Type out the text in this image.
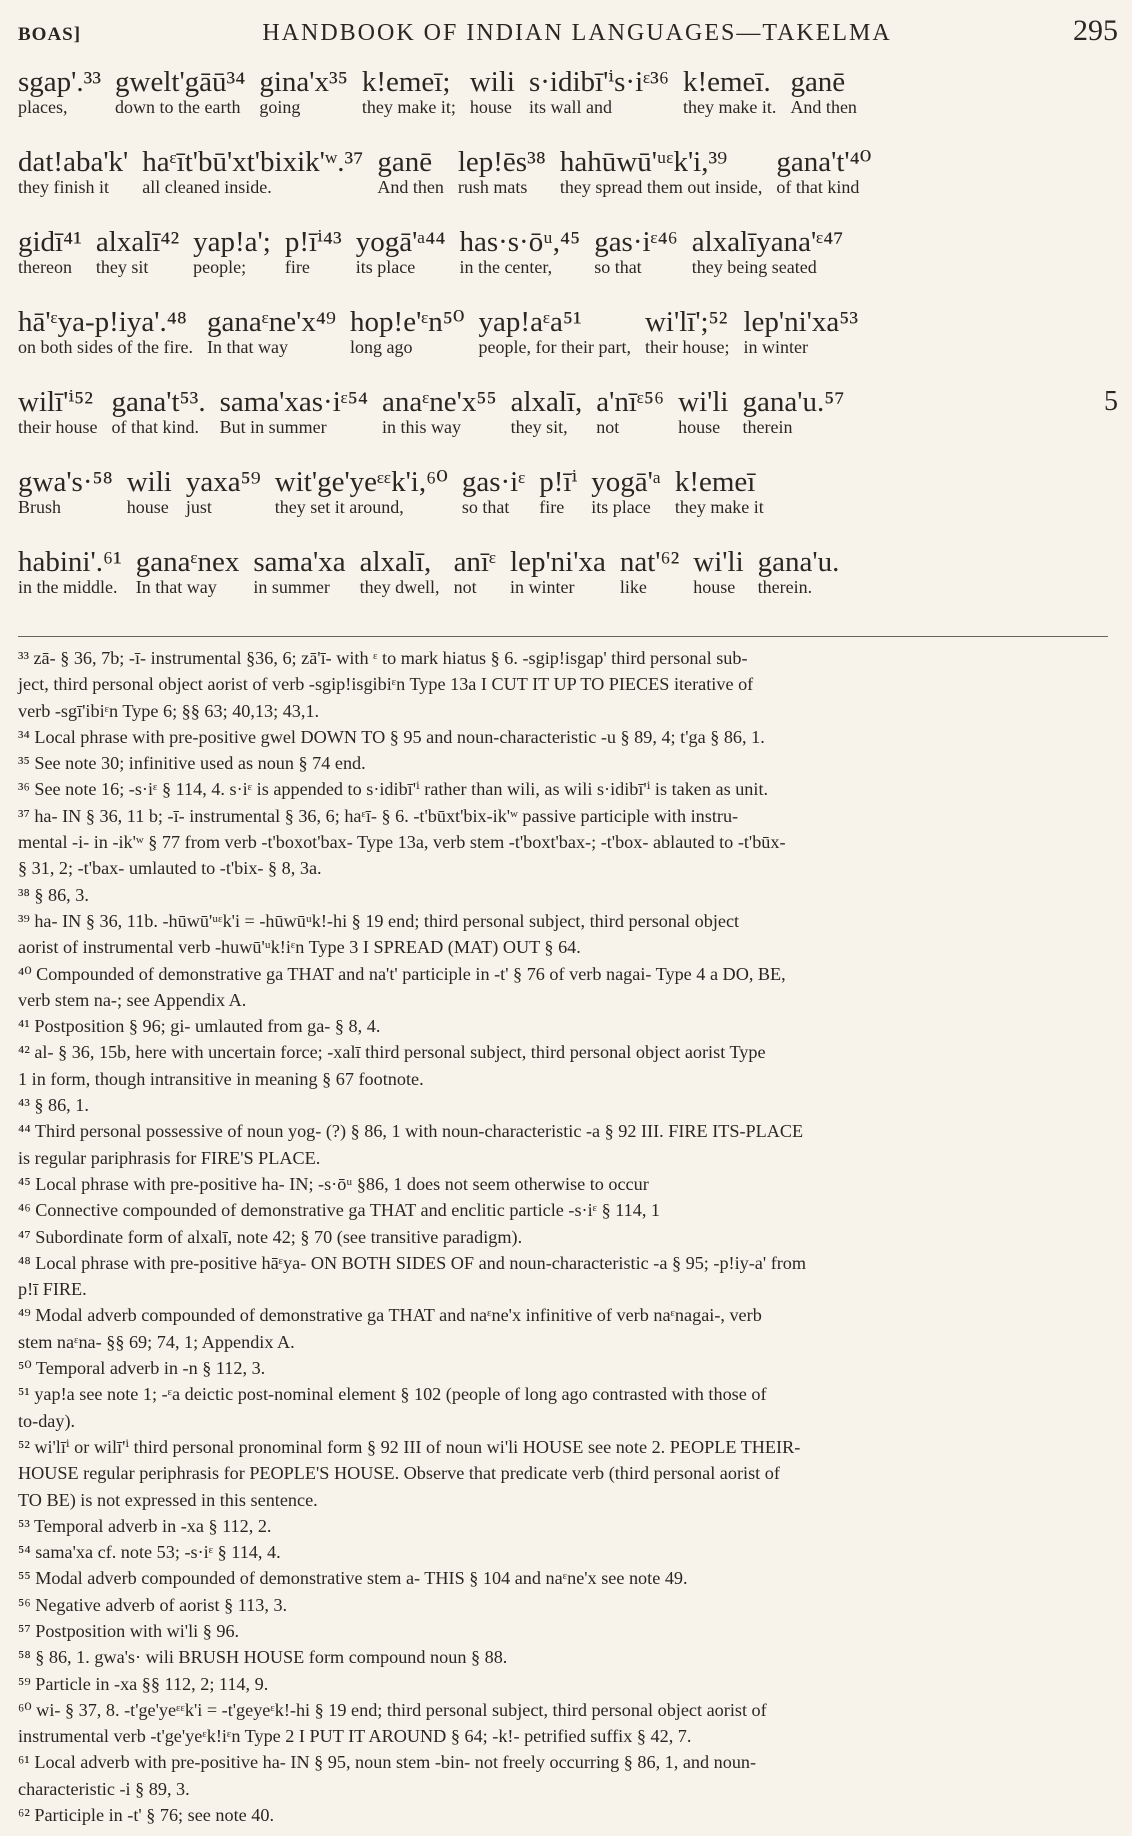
BOAS]	HANDBOOK OF INDIAN LANGUAGES—TAKELMA	295
sgap'.³³
places,
gwelt'gāū³⁴
down to the earth
gina'x³⁵
going
k!emeī;
they make it;
wili
house
s·idibī'ⁱs·iᵋ³⁶
its wall and
k!emeī.
they make it.
ganē
And then
dat!aba'k'
they finish it
haᵋīt'bū'xt'bixik'ʷ.³⁷
all cleaned inside.
ganē
And then
lep!ēs³⁸
rush mats
hahūwū'ᵘᵋk'i,³⁹
they spread them out inside,
gana't'⁴⁰
of that kind
gidī⁴¹
thereon
alxalī⁴²
they sit
yap!a';
people;
p!īⁱ⁴³
fire
yogā'ᵃ⁴⁴
its place
has·s·ōᵘ,⁴⁵
in the center,
gas·iᵋ⁴⁶
so that
alxalīyana'ᵋ⁴⁷
they being seated
hā'ᵋya-p!iya'.⁴⁸
on both sides of the fire.
ganaᵋne'x⁴⁹
In that way
hop!e'ᵋn⁵⁰
long ago
yap!aᵋa⁵¹
people, for their part,
wi'lī';⁵²
their house;
lep'ni'xa⁵³
in winter
wilī'ⁱ⁵²
their house
gana't⁵³.
of that kind.
sama'xas·iᵋ⁵⁴
But in summer
anaᵋne'x⁵⁵
in this way
alxalī,
they sit,
a'nīᵋ⁵⁶
not
wi'li
house
gana'u.⁵⁷
therein
5
gwa's·⁵⁸
Brush
wili
house
yaxa⁵⁹
just
wit'ge'yeᵋᵋk'i,⁶⁰
they set it around,
gas·iᵋ
so that
p!īⁱ
fire
yogā'ᵃ
its place
k!emeī
they make it
habini'.⁶¹
in the middle.
ganaᵋnex
In that way
sama'xa
in summer
alxalī,
they dwell,
anīᵋ
not
lep'ni'xa
in winter
nat'⁶²
like
wi'li
house
gana'u.
therein.

³³ zā- § 36, 7b; -ī- instrumental §36, 6; zā'ī- with ᵋ to mark hiatus § 6. -sgip!isgap' third personal sub-

ject, third personal object aorist of verb -sgip!isgibiᵋn Type 13a I CUT IT UP TO PIECES iterative of

verb -sgī'ibiᵋn Type 6; §§ 63; 40,13; 43,1.

³⁴ Local phrase with pre-positive gwel DOWN TO § 95 and noun-characteristic -u § 89, 4; t'ga § 86, 1.

³⁵ See note 30; infinitive used as noun § 74 end.

³⁶ See note 16; -s·iᵋ § 114, 4. s·iᵋ is appended to s·idibī'ⁱ rather than wili, as wili s·idibī'ⁱ is taken as unit.

³⁷ ha- IN § 36, 11 b; -ī- instrumental § 36, 6; haᵋī- § 6. -t'būxt'bix-ik'ʷ passive participle with instru-

mental -i- in -ik'ʷ § 77 from verb -t'boxot'bax- Type 13a, verb stem -t'boxt'bax-; -t'box- ablauted to -t'būx-

§ 31, 2; -t'bax- umlauted to -t'bix- § 8, 3a.

³⁸ § 86, 3.

³⁹ ha- IN § 36, 11b. -hūwū'ᵘᵋk'i = -hūwūᵘk!-hi § 19 end; third personal subject, third personal object

aorist of instrumental verb -huwū'ᵘk!iᵋn Type 3 I SPREAD (MAT) OUT § 64.

⁴⁰ Compounded of demonstrative ga THAT and na't' participle in -t' § 76 of verb nagai- Type 4 a DO, BE,

verb stem na-; see Appendix A.

⁴¹ Postposition § 96; gi- umlauted from ga- § 8, 4.

⁴² al- § 36, 15b, here with uncertain force; -xalī third personal subject, third personal object aorist Type

1 in form, though intransitive in meaning § 67 footnote.

⁴³ § 86, 1.

⁴⁴ Third personal possessive of noun yog- (?) § 86, 1 with noun-characteristic -a § 92 III. FIRE ITS-PLACE

is regular pariphrasis for FIRE'S PLACE.

⁴⁵ Local phrase with pre-positive ha- IN; -s·ōᵘ §86, 1 does not seem otherwise to occur

⁴⁶ Connective compounded of demonstrative ga THAT and enclitic particle -s·iᵋ § 114, 1

⁴⁷ Subordinate form of alxalī, note 42; § 70 (see transitive paradigm).

⁴⁸ Local phrase with pre-positive hāᵋya- ON BOTH SIDES OF and noun-characteristic -a § 95; -p!iy-a' from

p!ī FIRE.

⁴⁹ Modal adverb compounded of demonstrative ga THAT and naᵋne'x infinitive of verb naᵋnagai-, verb

stem naᵋna- §§ 69; 74, 1; Appendix A.

⁵⁰ Temporal adverb in -n § 112, 3.

⁵¹ yap!a see note 1; -ᵋa deictic post-nominal element § 102 (people of long ago contrasted with those of

to-day).

⁵² wi'līⁱ or wilī'ⁱ third personal pronominal form § 92 III of noun wi'li HOUSE see note 2. PEOPLE THEIR-

HOUSE regular periphrasis for PEOPLE'S HOUSE. Observe that predicate verb (third personal aorist of

TO BE) is not expressed in this sentence.

⁵³ Temporal adverb in -xa § 112, 2.

⁵⁴ sama'xa cf. note 53; -s·iᵋ § 114, 4.

⁵⁵ Modal adverb compounded of demonstrative stem a- THIS § 104 and naᵋne'x see note 49.

⁵⁶ Negative adverb of aorist § 113, 3.

⁵⁷ Postposition with wi'li § 96.

⁵⁸ § 86, 1. gwa's· wili BRUSH HOUSE form compound noun § 88.

⁵⁹ Particle in -xa §§ 112, 2; 114, 9.

⁶⁰ wi- § 37, 8. -t'ge'yeᵋᵋk'i = -t'geyeᵋk!-hi § 19 end; third personal subject, third personal object aorist of

instrumental verb -t'ge'yeᵋk!iᵋn Type 2 I PUT IT AROUND § 64; -k!- petrified suffix § 42, 7.

⁶¹ Local adverb with pre-positive ha- IN § 95, noun stem -bin- not freely occurring § 86, 1, and noun-

characteristic -i § 89, 3.

⁶² Participle in -t' § 76; see note 40.
